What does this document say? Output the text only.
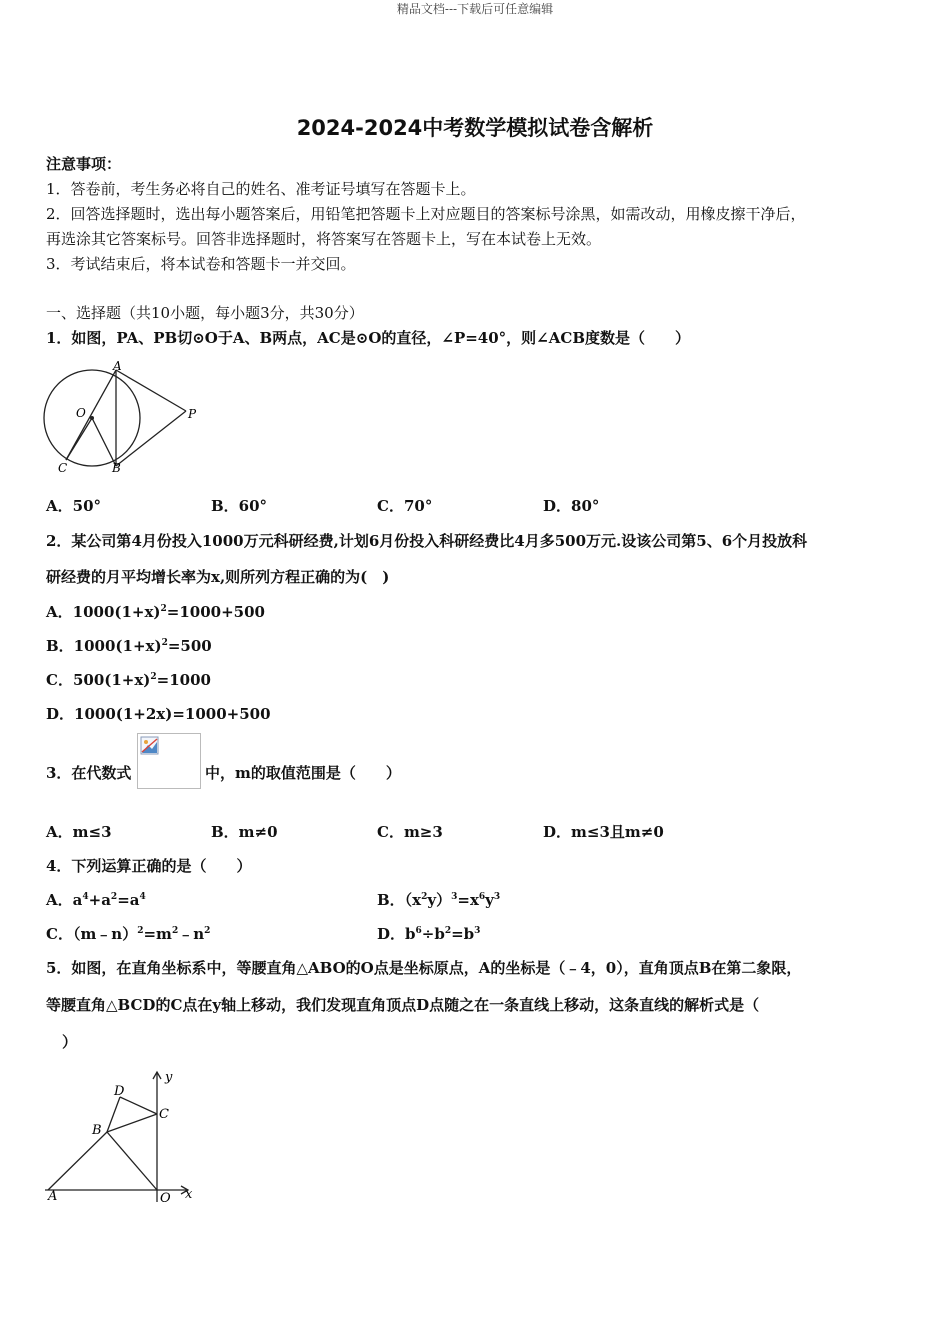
精品文档---下载后可任意编辑
2024-2024中考数学模拟试卷含解析
注意事项：
1．答卷前，考生务必将自己的姓名、准考证号填写在答题卡上。
2．回答选择题时，选出每小题答案后，用铅笔把答题卡上对应题目的答案标号涂黑，如需改动，用橡皮擦干净后，
再选涂其它答案标号。回答非选择题时，将答案写在答题卡上，写在本试卷上无效。
3．考试结束后，将本试卷和答题卡一并交回。
一、选择题（共10小题，每小题3分，共30分）
1．如图，PA、PB切⊙O于A、B两点，AC是⊙O的直径，∠P=40°，则∠ACB度数是（　　）
A
B
C
O	P
A．50°	B．60°	C．70°	D．80°
2．某公司第4月份投入1000万元科研经费,计划6月份投入科研经费比4月多500万元.设该公司第5、6个月投放科
研经费的月平均增长率为x,则所列方程正确的为(　)
A．$1000(1+x)^2=1000+500$
B．$1000(1+x)^2=500$
C．$500(1+x)^2=1000$
D．1000(1+2x)=1000+500
3．在代数式	中，m的取值范围是（　　）
A．m≤3	B．m≠0	C．m≥3	D．m≤3且m≠0
4．下列运算正确的是（　　）
A．$a^4+a^2=a^4$	B．$(x^2y)^3=x^6y^3$
C．$(m﹣n)^2=m^2﹣n^2$	D．$b^6\div b^2=b^3$
5．如图，在直角坐标系中，等腰直角△ABO的O点是坐标原点，A的坐标是（﹣4，0），直角顶点B在第二象限，
等腰直角△BCD的C点在y轴上移动，我们发现直角顶点D点随之在一条直线上移动，这条直线的解析式是（
）
A
B
C
D
O x
y
